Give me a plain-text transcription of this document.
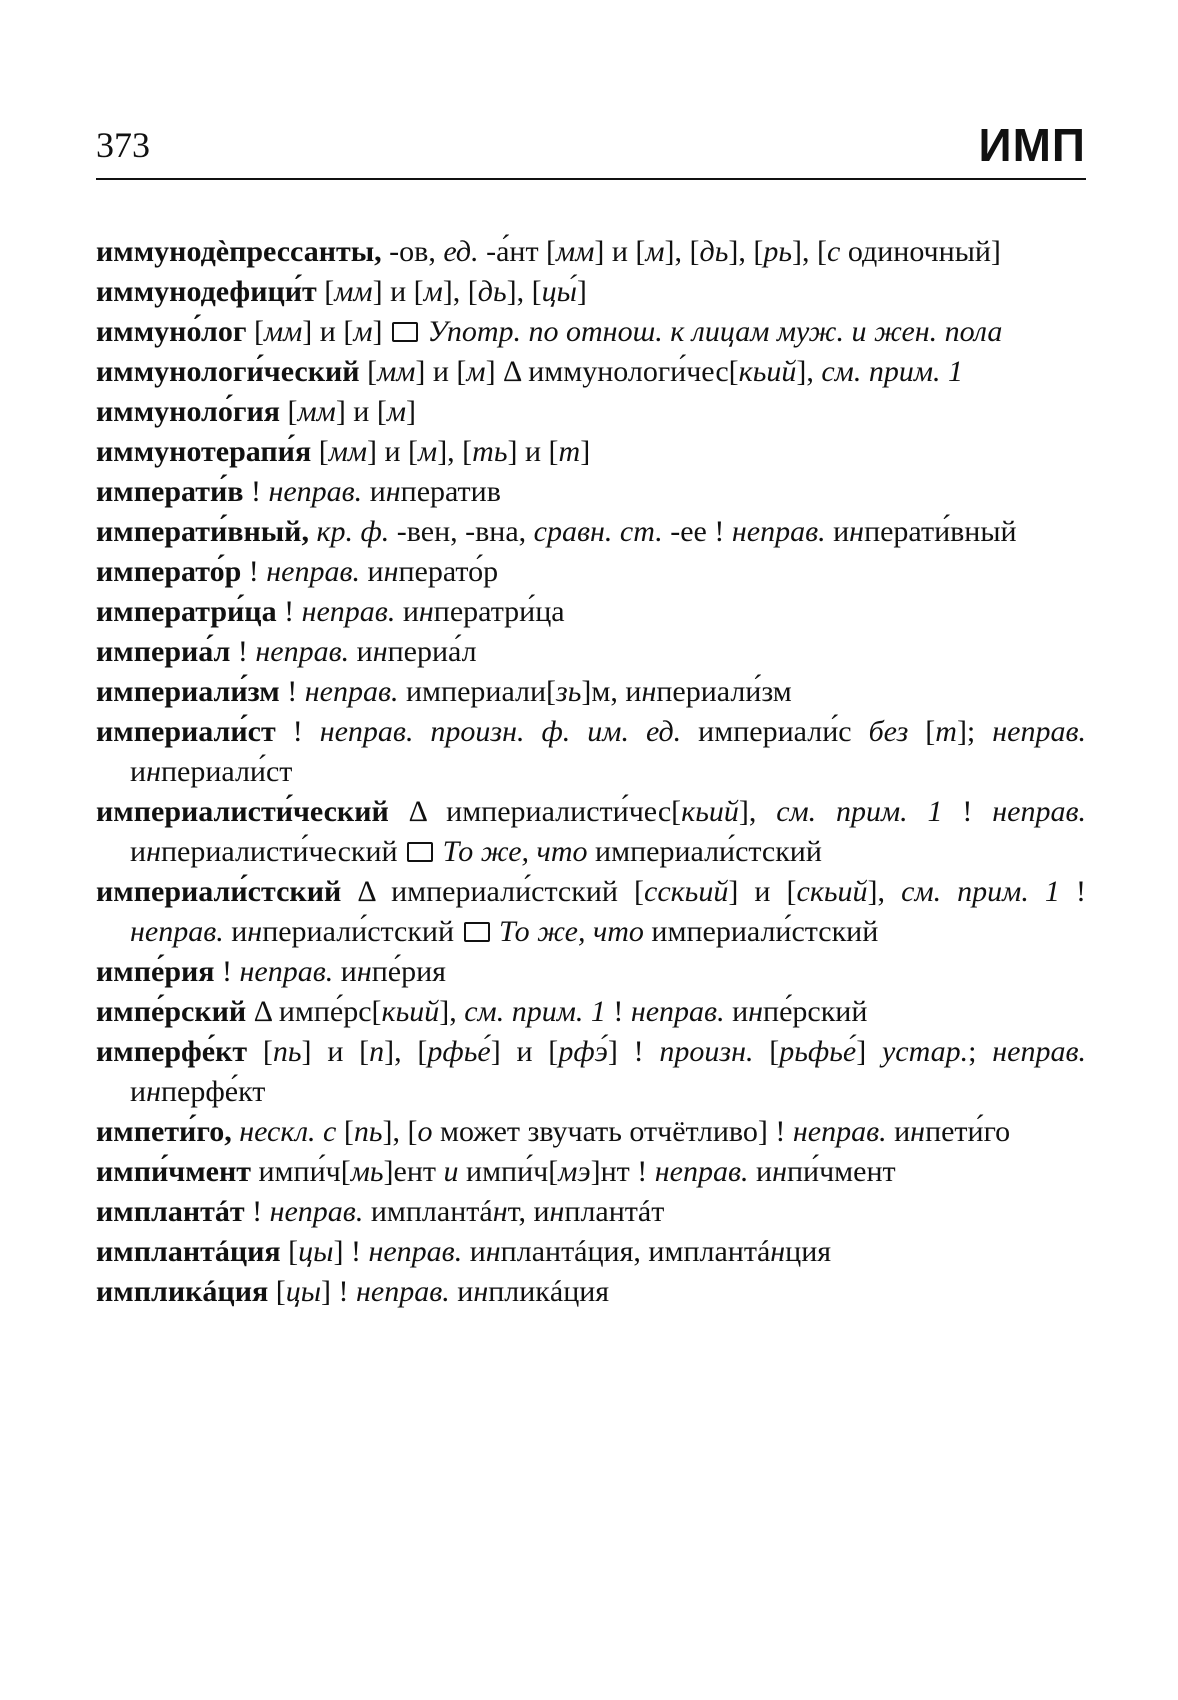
373	ИМП

иммунодѐпрессанты, -ов, ед. -а́нт [мм] и [м], [дь], [рь], [с одиночный]

иммунодефици́т [мм] и [м], [дь], [цы́]

иммуно́лог [мм] и [м]  Употр. по отнош. к лицам муж. и жен. пола

иммунологи́ческий [мм] и [м] Δ иммунологи́чес[кьий], см. прим. 1

иммуноло́гия [мм] и [м]

иммунотерапи́я [мм] и [м], [ть] и [т]

императи́в ! неправ. инператив

императи́вный, кр. ф. -вен, -вна, сравн. ст. -ее ! неправ. инперати́вный

императо́р ! неправ. инперато́р

императри́ца ! неправ. инператри́ца

империа́л ! неправ. инпериа́л

империали́зм ! неправ. империали[зь]м, инпериали́зм

империали́ст ! неправ. произн. ф. им. ед. империали́с без [т]; неправ. инпериали́ст

империалисти́ческий Δ империалисти́чес[кьий], см. прим. 1 ! неправ. инпериалисти́ческий  То же, что империали́стский

империали́стский Δ империали́стский [сскьий] и [скьий], см. прим. 1 ! неправ. инпериали́стский  То же, что империали́стский

импе́рия ! неправ. инпе́рия

импе́рский Δ импе́рс[кьий], см. прим. 1 ! неправ. инпе́рский

имперфе́кт [пь] и [п], [рфье́] и [рфэ́] ! произн. [рьфье́] устар.; неправ. инперфе́кт

импети́го, нескл. с [пь], [о может звучать отчётливо] ! неправ. инпети́го

импи́чмент импи́ч[мь]ент и импи́ч[мэ]нт ! неправ. инпи́чмент

имплантáт ! неправ. имплантáнт, инплантáт

имплантáция [цы] ! неправ. инплантáция, имплантáнция

импликáция [цы] ! неправ. инпликáция
